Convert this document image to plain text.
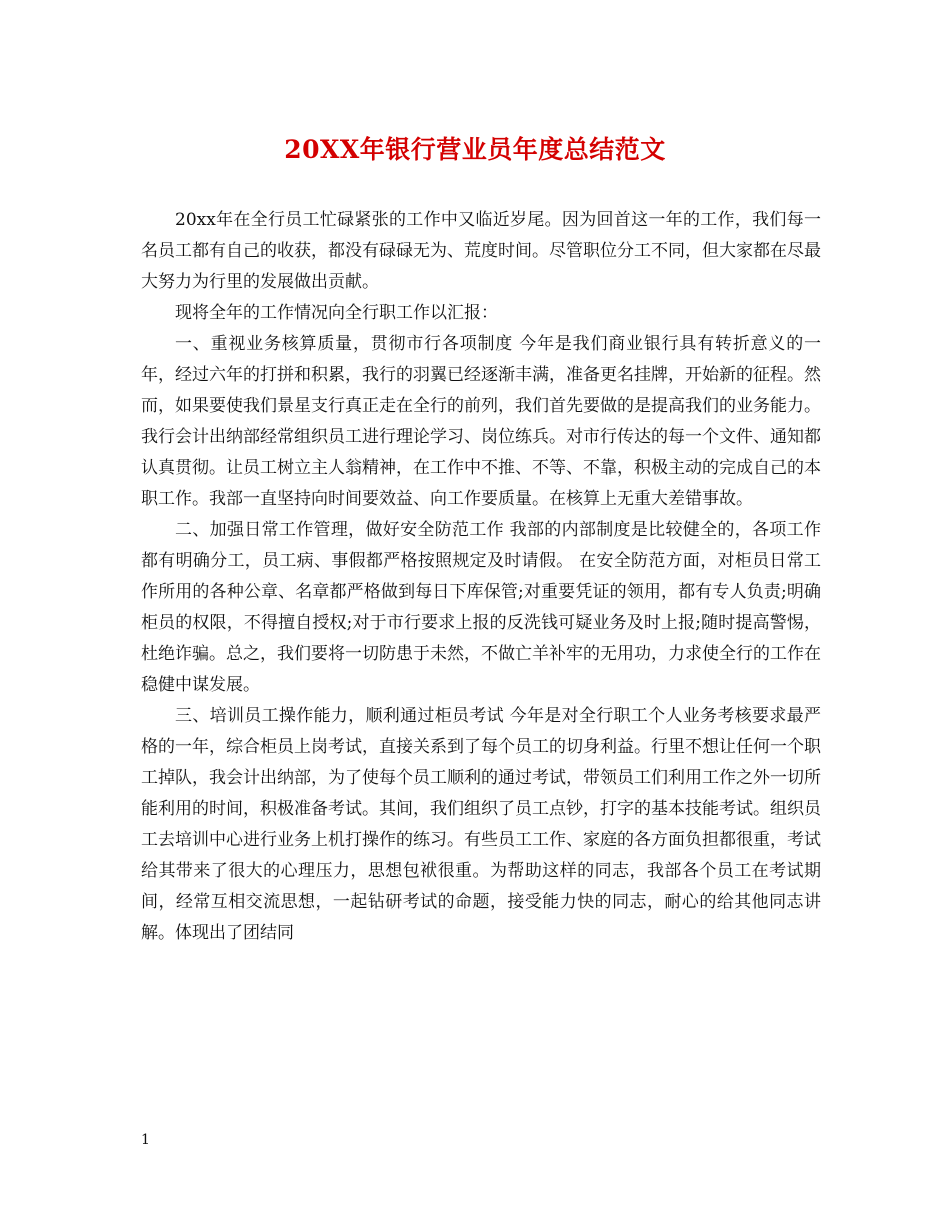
20XX年银行营业员年度总结范文

20xx年在全行员工忙碌紧张的工作中又临近岁尾。因为回首这一年的工作，我们每一名员工都有自己的收获，都没有碌碌无为、荒度时间。尽管职位分工不同，但大家都在尽最大努力为行里的发展做出贡献。

现将全年的工作情况向全行职工作以汇报：

一、重视业务核算质量，贯彻市行各项制度 今年是我们商业银行具有转折意义的一年，经过六年的打拼和积累，我行的羽翼已经逐渐丰满，准备更名挂牌，开始新的征程。然而，如果要使我们景星支行真正走在全行的前列，我们首先要做的是提高我们的业务能力。我行会计出纳部经常组织员工进行理论学习、岗位练兵。对市行传达的每一个文件、通知都认真贯彻。让员工树立主人翁精神，在工作中不推、不等、不靠，积极主动的完成自己的本职工作。我部一直坚持向时间要效益、向工作要质量。在核算上无重大差错事故。

二、加强日常工作管理，做好安全防范工作 我部的内部制度是比较健全的，各项工作都有明确分工，员工病、事假都严格按照规定及时请假。 在安全防范方面，对柜员日常工作所用的各种公章、名章都严格做到每日下库保管;对重要凭证的领用，都有专人负责;明确柜员的权限，不得擅自授权;对于市行要求上报的反洗钱可疑业务及时上报;随时提高警惕，杜绝诈骗。总之，我们要将一切防患于未然，不做亡羊补牢的无用功，力求使全行的工作在稳健中谋发展。

三、培训员工操作能力，顺利通过柜员考试 今年是对全行职工个人业务考核要求最严格的一年，综合柜员上岗考试，直接关系到了每个员工的切身利益。行里不想让任何一个职工掉队，我会计出纳部，为了使每个员工顺利的通过考试，带领员工们利用工作之外一切所能利用的时间，积极准备考试。其间，我们组织了员工点钞，打字的基本技能考试。组织员工去培训中心进行业务上机打操作的练习。有些员工工作、家庭的各方面负担都很重，考试给其带来了很大的心理压力，思想包袱很重。为帮助这样的同志，我部各个员工在考试期间，经常互相交流思想，一起钻研考试的命题，接受能力快的同志，耐心的给其他同志讲解。体现出了团结同

1
